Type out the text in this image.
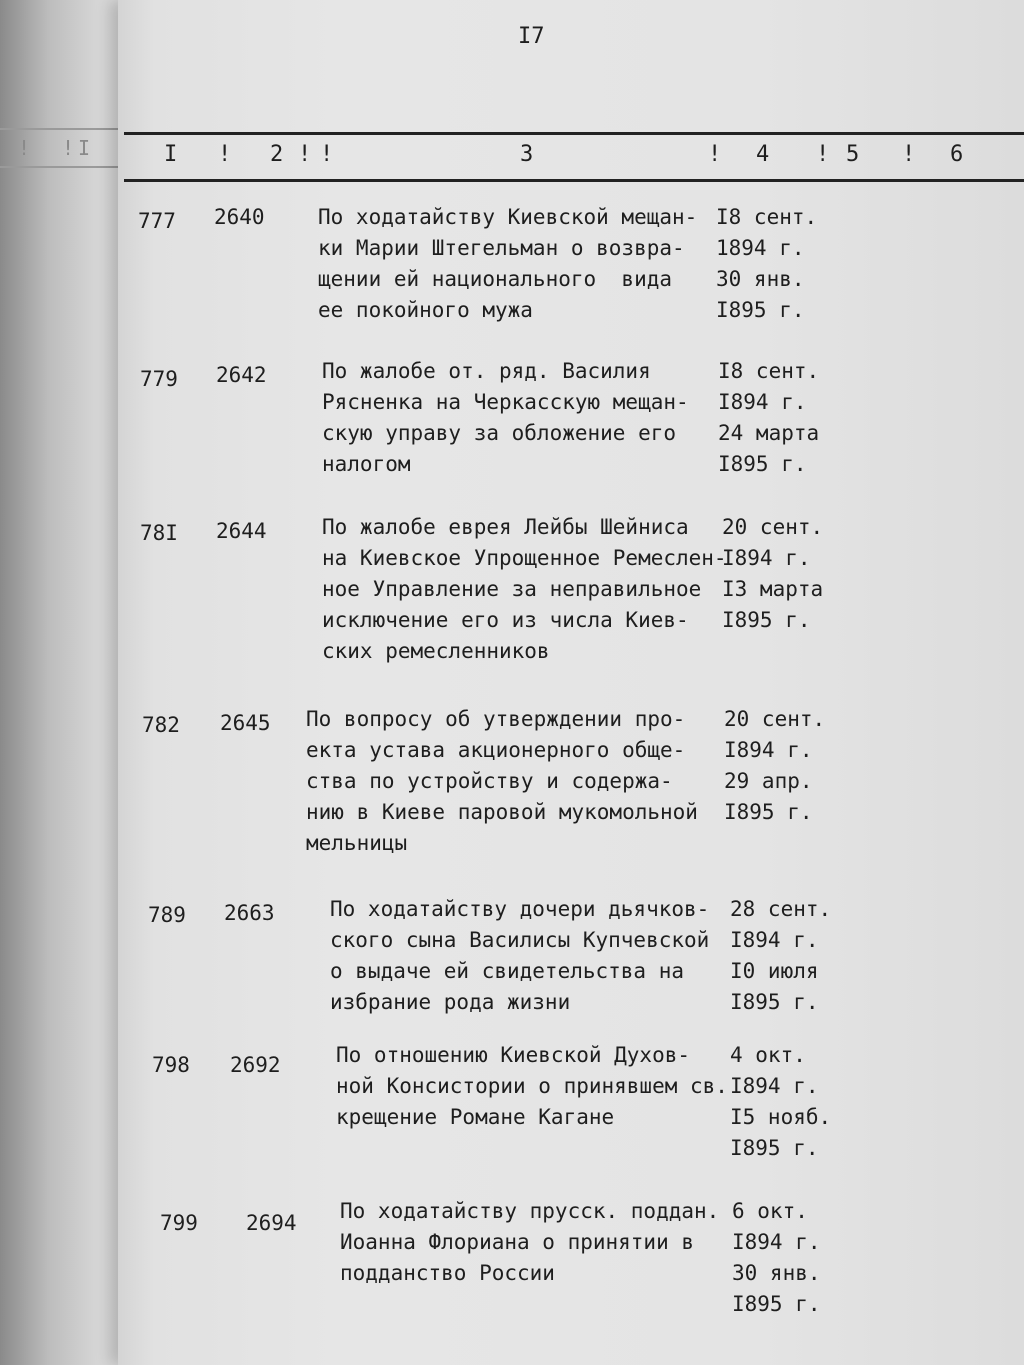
! ! I
I7
I ! 2 ! !	3	! 4 ! 5 ! 6
777 2640	По ходатайству Киевской мещан-
ки Марии Штегельман о возвра-
щении ей национального  вида
ее покойного мужа
I8 сент.
1894 г.
30 янв.
I895 г.
779 2642	По жалобе от. ряд. Василия
Рясненка на Черкасскую мещан-
скую управу за обложение его
налогом
I8 сент.
I894 г.
24 марта
I895 г.
78I 2644	По жалобе еврея Лейбы Шейниса
на Киевское Упрощенное Ремеслен-
ное Управление за неправильное
исключение его из числа Киев-
ских ремесленников
20 сент.
I894 г.
I3 марта
I895 г.
782 2645 По вопросу об утверждении про-
екта устава акционерного обще-
ства по устройству и содержа-
нию в Киеве паровой мукомольной
мельницы
20 сент.
I894 г.
29 апр.
I895 г.
789 2663	По ходатайству дочери дьячков-
ского сына Василисы Купчевской
о выдаче ей свидетельства на
избрание рода жизни
28 сент.
I894 г.
I0 июля
I895 г.
798 2692	По отношению Киевской Духов-
ной Консистории о принявшем св.
крещение Романе Кагане
4 окт.
I894 г.
I5 нояб.
I895 г.
799 2694 По ходатайству прусск. поддан.
Иоанна Флориана о принятии в
подданство России
6 окт.
I894 г.
30 янв.
I895 г.
